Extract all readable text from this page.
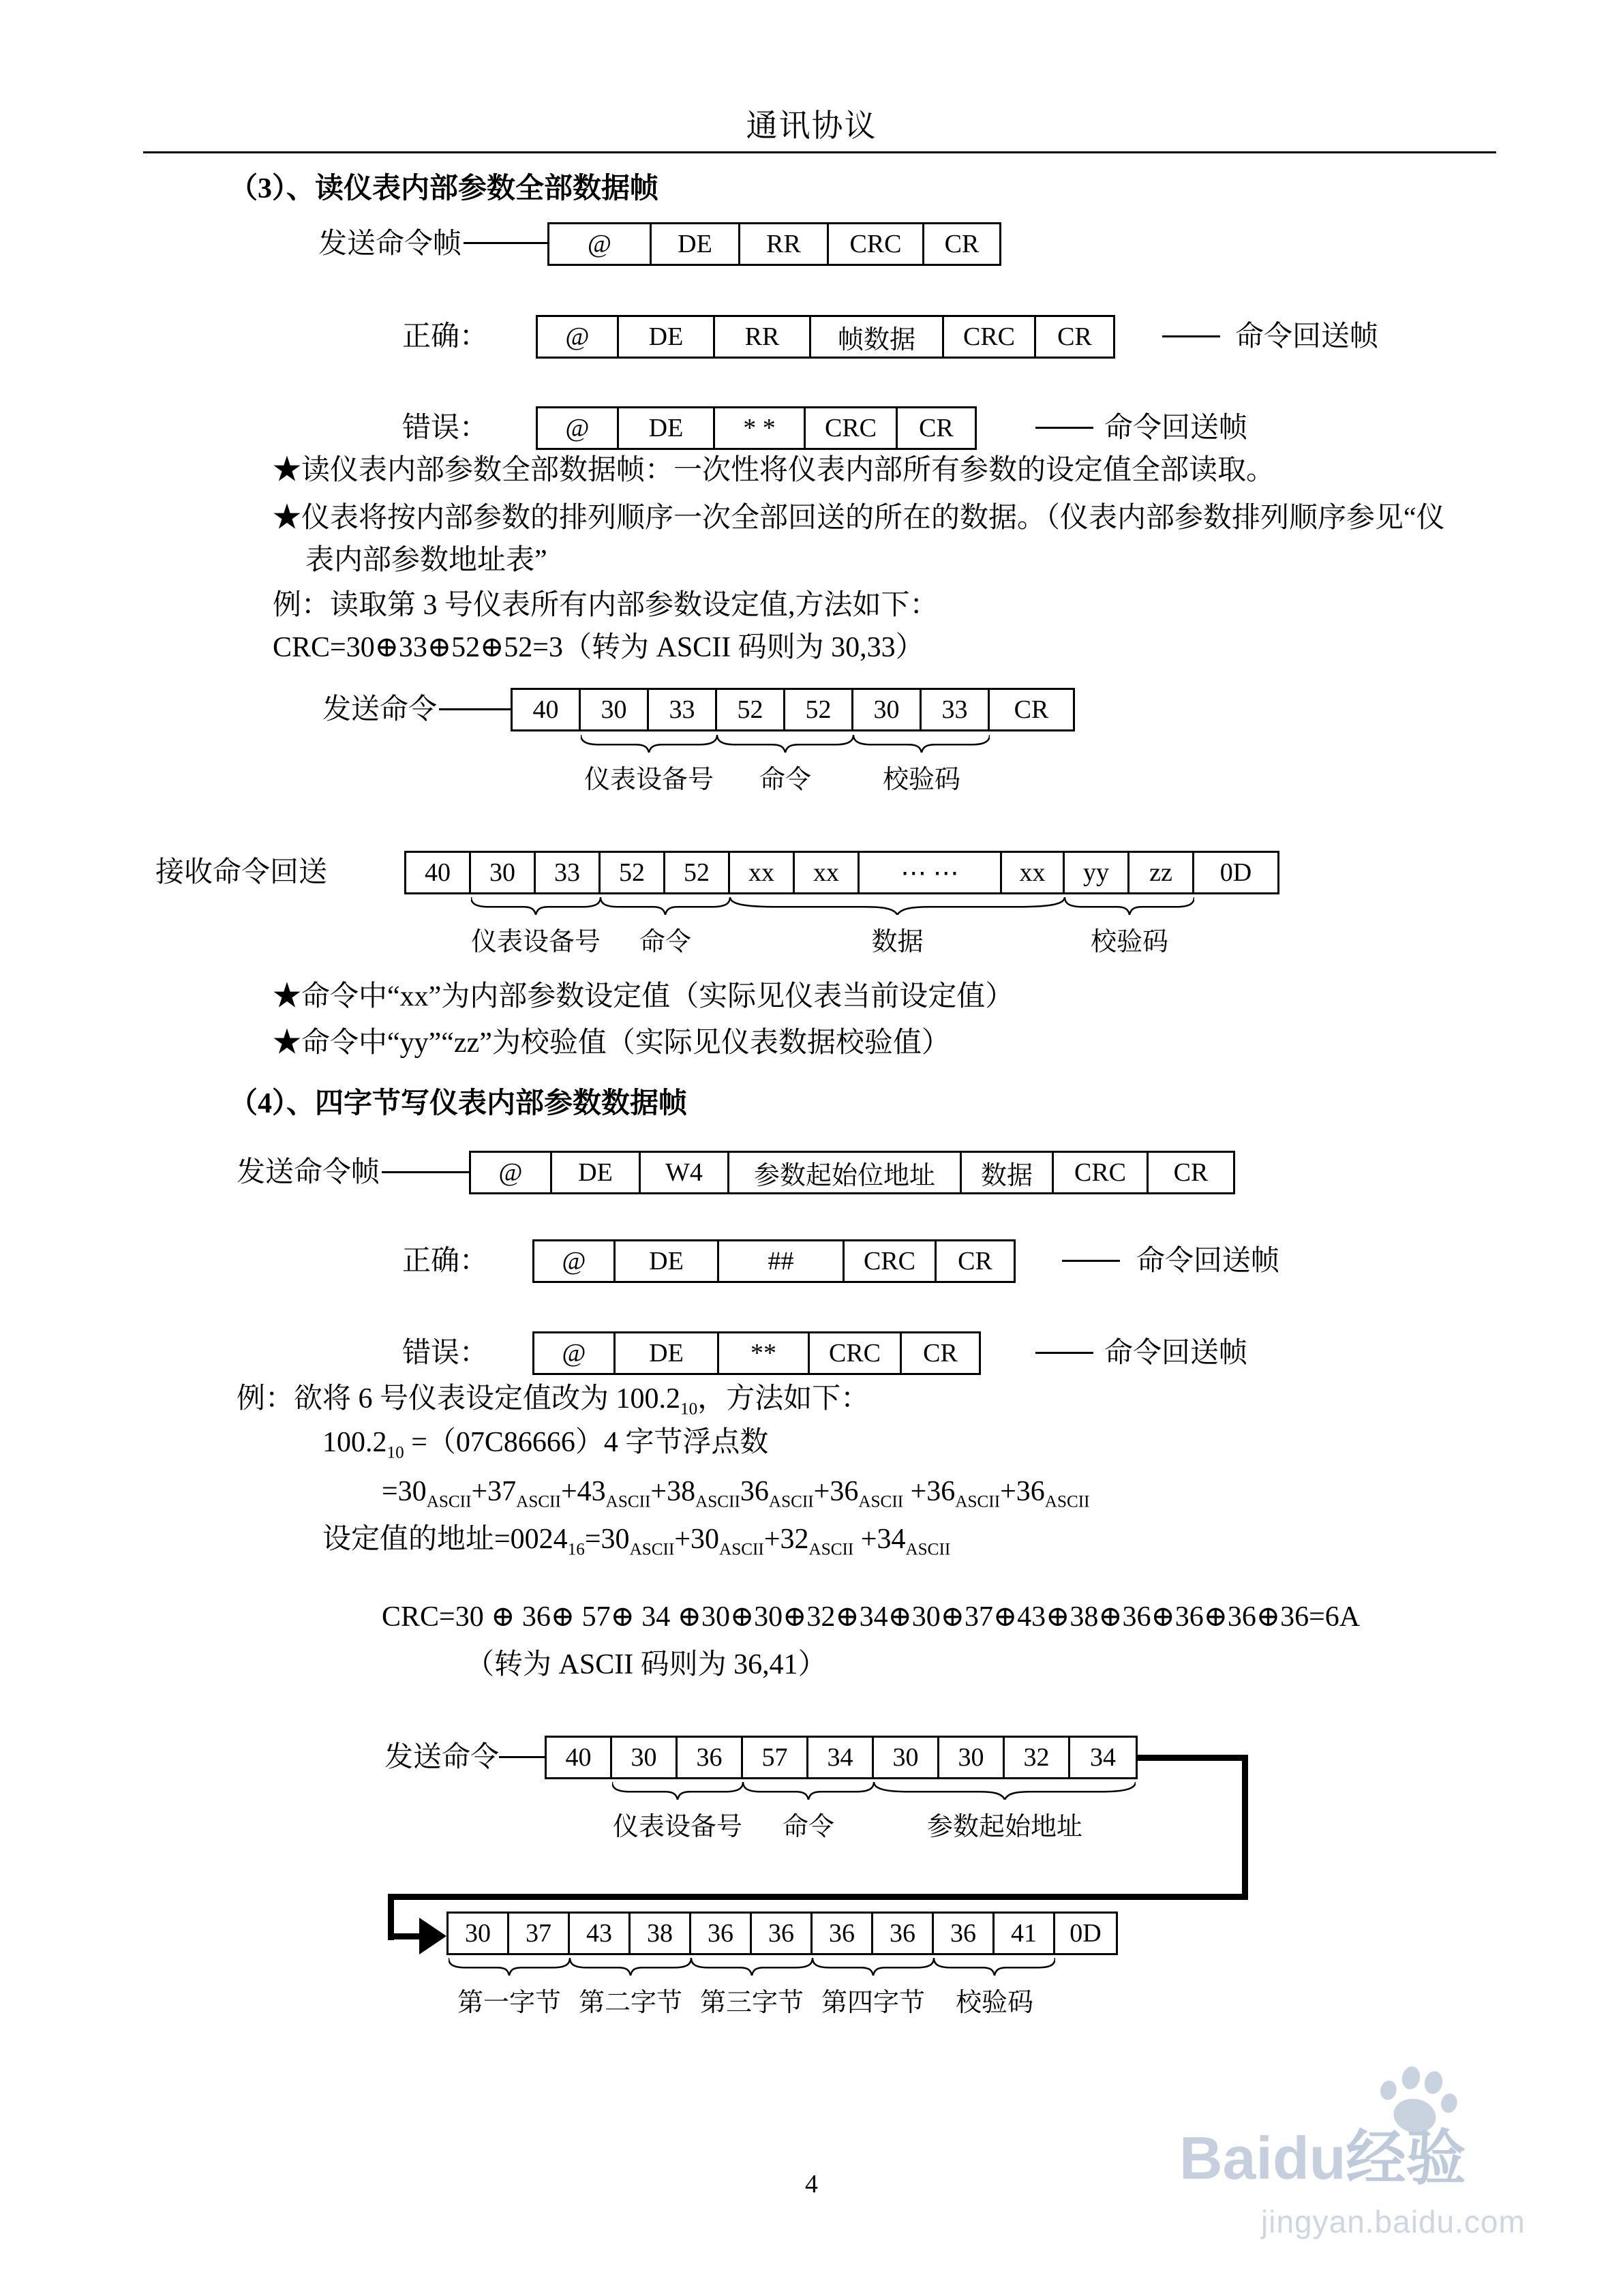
通讯协议
（3）、读仪表内部参数全部数据帧
发送命令帧	@	DE	RR	CRC	CR
正确：	@	DE	RR	帧数据	CRC	CR	命令回送帧
错误：	@	DE	* *	CRC	CR	命令回送帧
★读仪表内部参数全部数据帧：一次性将仪表内部所有参数的设定值全部读取。
★仪表将按内部参数的排列顺序一次全部回送的所在的数据。（仪表内部参数排列顺序参见“仪
表内部参数地址表”
例：读取第 3 号仪表所有内部参数设定值,方法如下：
CRC=30⊕33⊕52⊕52=3（转为 ASCII 码则为 30,33）
发送命令	40	30	33	52	52	30	33	CR
仪表设备号	命令	校验码
接收命令回送	40	30	33	52	52	xx	xx	⋯ ⋯	xx	yy	zz	0D
仪表设备号	命令	数据	校验码
★命令中“xx”为内部参数设定值（实际见仪表当前设定值）
★命令中“yy”“zz”为校验值（实际见仪表数据校验值）
（4）、四字节写仪表内部参数数据帧
发送命令帧	@	DE	W4	参数起始位地址	数据	CRC	CR
正确：	@	DE	##	CRC	CR	命令回送帧
错误：	@	DE	**	CRC	CR	命令回送帧
例：欲将 6 号仪表设定值改为 $100.2_{10}$，方法如下：
$100.2_{10} =(07C86666)4$ 字节浮点数
$=30_{ASCII}+37_{ASCII}+43_{ASCII}+38_{ASCII}36_{ASCII}+36_{ASCII} +36_{ASCII}+36_{ASCII}$
设定值的地址$=0024_{16}=30_{ASCII}+30_{ASCII}+32_{ASCII} +34_{ASCII}$
CRC=30 ⊕ 36⊕ 57⊕ 34 ⊕30⊕30⊕32⊕34⊕30⊕37⊕43⊕38⊕36⊕36⊕36⊕36=6A
（转为 ASCII 码则为 36,41）
发送命令	40	30	36	57	34	30	30	32	34
仪表设备号	命令	参数起始地址
30	37	43	38	36	36	36	36	36	41	0D
第一字节 第二字节 第三字节 第四字节	校验码
4	Baidu经验
jingyan.baidu.com
